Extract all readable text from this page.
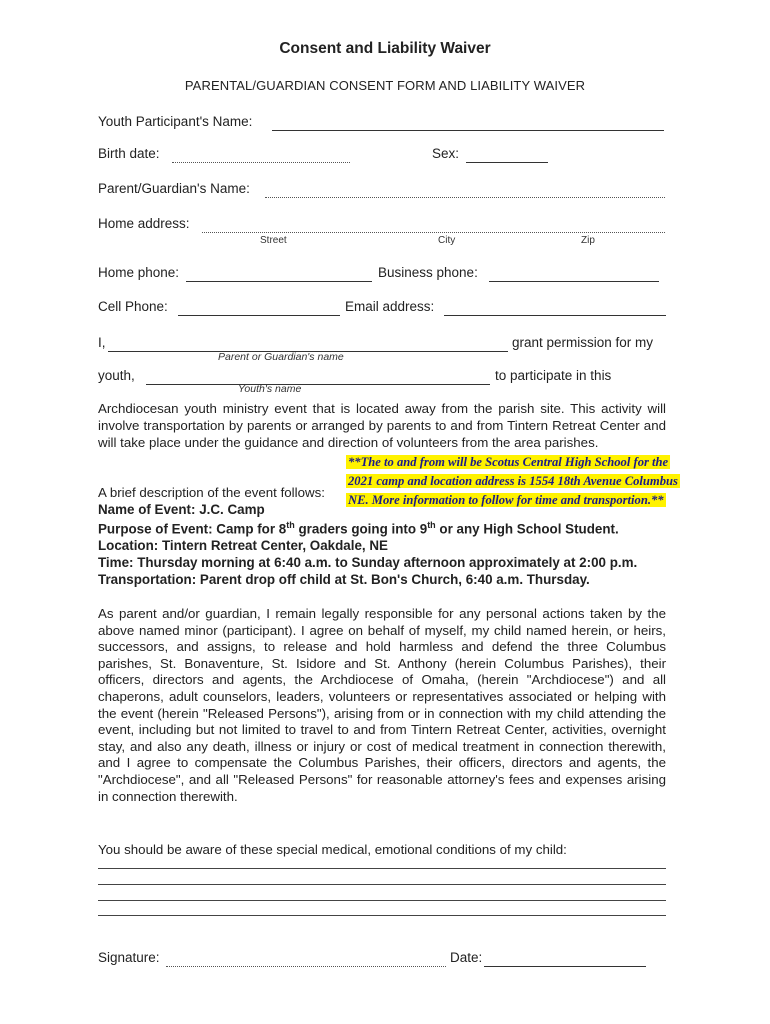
Consent and Liability Waiver
PARENTAL/GUARDIAN CONSENT FORM AND LIABILITY WAIVER
Youth Participant's Name:
Birth date:	Sex:
Parent/Guardian's Name:
Home address:
Street	City	Zip
Home phone:	Business phone:
Cell Phone:	Email address:
I,	grant permission for my
Parent or Guardian's name
youth,	to participate in this
Youth's name
Archdiocesan youth ministry event that is located away from the parish site. This activity will involve transportation by parents or arranged by parents to and from Tintern Retreat Center and will take place under the guidance and direction of volunteers from the area parishes.
**The to and from will be Scotus Central High School for the
2021 camp and location address is 1554 18th Avenue Columbus
NE. More information to follow for time and transportion.**
A brief description of the event follows:
Name of Event: J.C. Camp
Purpose of Event: Camp for 8th graders going into 9th or any High School Student.
Location: Tintern Retreat Center, Oakdale, NE
Time: Thursday morning at 6:40 a.m. to Sunday afternoon approximately at 2:00 p.m.
Transportation: Parent drop off child at St. Bon's Church, 6:40 a.m. Thursday.
As parent and/or guardian, I remain legally responsible for any personal actions taken by the above named minor (participant). I agree on behalf of myself, my child named herein, or heirs, successors, and assigns, to release and hold harmless and defend the three Columbus parishes, St. Bonaventure, St. Isidore and St. Anthony (herein Columbus Parishes), their officers, directors and agents, the Archdiocese of Omaha, (herein "Archdiocese") and all chaperons, adult counselors, leaders, volunteers or representatives associated or helping with the event (herein "Released Persons"), arising from or in connection with my child attending the event, including but not limited to travel to and from Tintern Retreat Center, activities, overnight stay, and also any death, illness or injury or cost of medical treatment in connection therewith, and I agree to compensate the Columbus Parishes, their officers, directors and agents, the "Archdiocese", and all "Released Persons" for reasonable attorney's fees and expenses arising in connection therewith.
You should be aware of these special medical, emotional conditions of my child:
Signature:	Date:
